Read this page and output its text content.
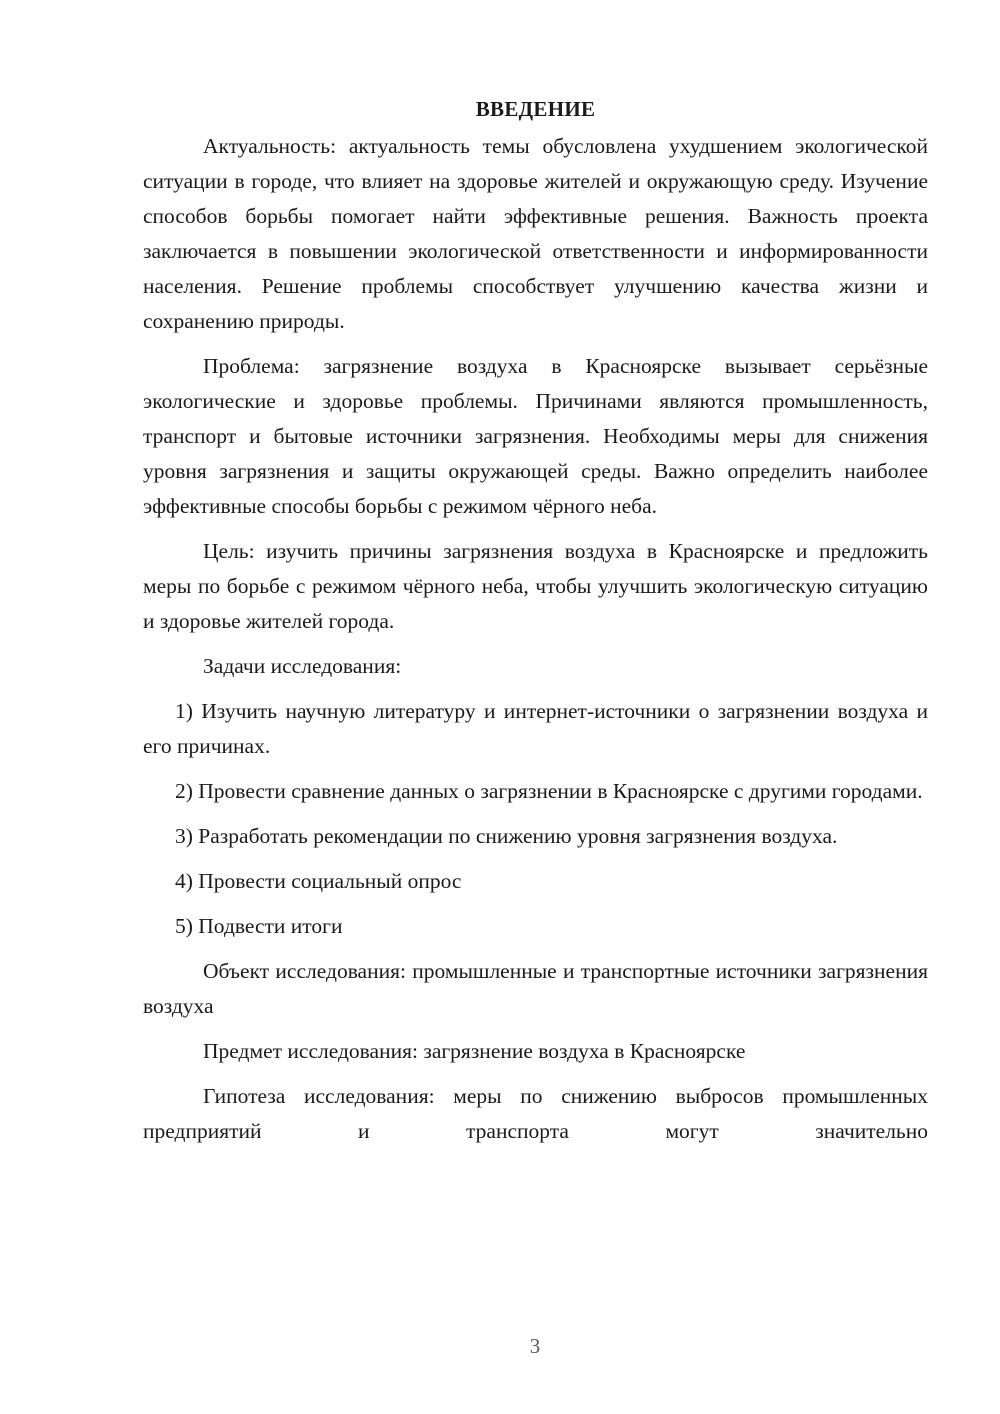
ВВЕДЕНИЕ

Актуальность: актуальность темы обусловлена ухудшением экологической ситуации в городе, что влияет на здоровье жителей и окружающую среду. Изучение способов борьбы помогает найти эффективные решения. Важность проекта заключается в повышении экологической ответственности и информированности населения. Решение проблемы способствует улучшению качества жизни и сохранению природы.

Проблема: загрязнение воздуха в Красноярске вызывает серьёзные экологические и здоровье проблемы. Причинами являются промышленность, транспорт и бытовые источники загрязнения. Необходимы меры для снижения уровня загрязнения и защиты окружающей среды. Важно определить наиболее эффективные способы борьбы с режимом чёрного неба.

Цель: изучить причины загрязнения воздуха в Красноярске и предложить меры по борьбе с режимом чёрного неба, чтобы улучшить экологическую ситуацию и здоровье жителей города.

Задачи исследования:

1) Изучить научную литературу и интернет-источники о загрязнении воздуха и его причинах.

2) Провести сравнение данных о загрязнении в Красноярске с другими городами.

3) Разработать рекомендации по снижению уровня загрязнения воздуха.

4) Провести социальный опрос

5) Подвести итоги

Объект исследования: промышленные и транспортные источники загрязнения воздуха

Предмет исследования: загрязнение воздуха в Красноярске

Гипотеза исследования: меры по снижению выбросов промышленных предприятий и транспорта могут значительно

3
